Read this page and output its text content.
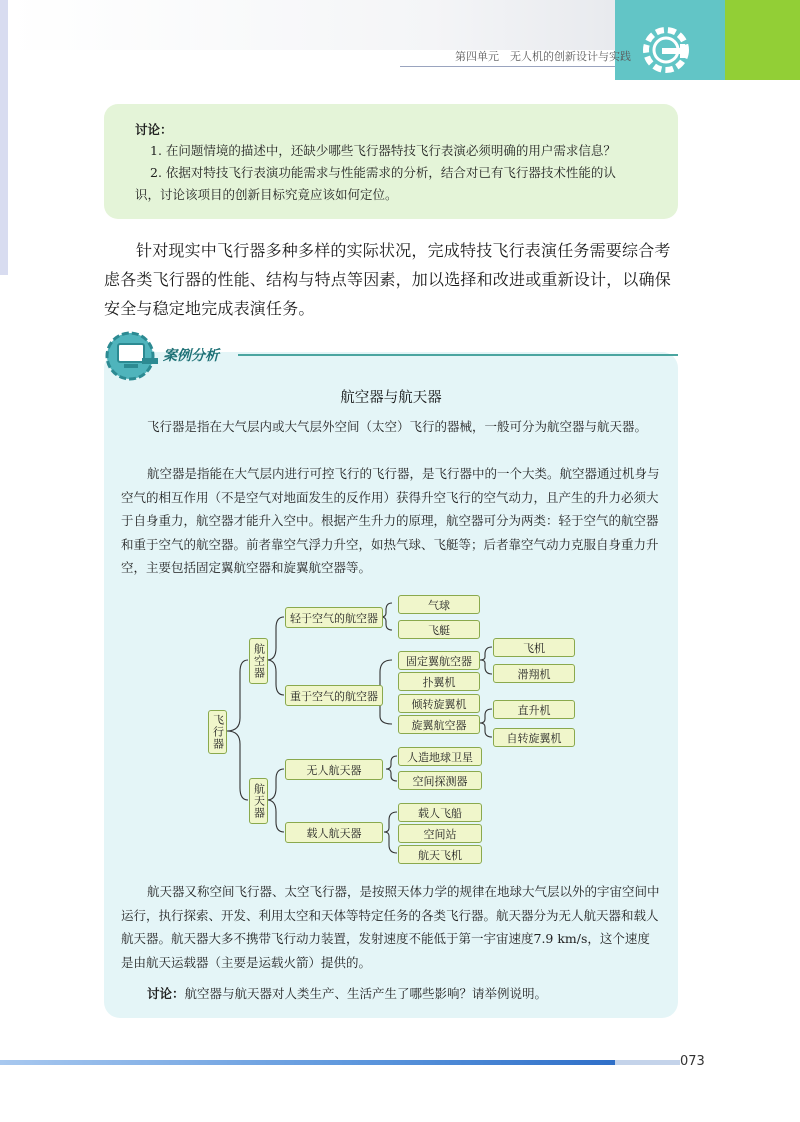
第四单元　无人机的创新设计与实践
讨论：
1. 在问题情境的描述中，还缺少哪些飞行器特技飞行表演必须明确的用户需求信息？
2. 依据对特技飞行表演功能需求与性能需求的分析，结合对已有飞行器技术性能的认
识，讨论该项目的创新目标究竟应该如何定位。

针对现实中飞行器多种多样的实际状况，完成特技飞行表演任务需要综合考虑各类飞行器的性能、结构与特点等因素，加以选择和改进或重新设计，以确保安全与稳定地完成表演任务。

案例分析
航空器与航天器

飞行器是指在大气层内或大气层外空间（太空）飞行的器械，一般可分为航空器与航天器。

航空器是指能在大气层内进行可控飞行的飞行器，是飞行器中的一个大类。航空器通过机身与空气的相互作用（不是空气对地面发生的反作用）获得升空飞行的空气动力，且产生的升力必须大于自身重力，航空器才能升入空中。根据产生升力的原理，航空器可分为两类：轻于空气的航空器和重于空气的航空器。前者靠空气浮力升空，如热气球、飞艇等；后者靠空气动力克服自身重力升空，主要包括固定翼航空器和旋翼航空器等。

飞行器
航空器
航天器
轻于空气的航空器
重于空气的航空器
无人航天器
载人航天器
气球
飞艇
固定翼航空器
扑翼机
倾转旋翼机
旋翼航空器
飞机
滑翔机
直升机
自转旋翼机
人造地球卫星
空间探测器
载人飞船
空间站
航天飞机

航天器又称空间飞行器、太空飞行器，是按照天体力学的规律在地球大气层以外的宇宙空间中运行，执行探索、开发、利用太空和天体等特定任务的各类飞行器。航天器分为无人航天器和载人航天器。航天器大多不携带飞行动力装置，发射速度不能低于第一宇宙速度7.9 km/s，这个速度是由航天运载器（主要是运载火箭）提供的。

讨论：航空器与航天器对人类生产、生活产生了哪些影响？请举例说明。

073
